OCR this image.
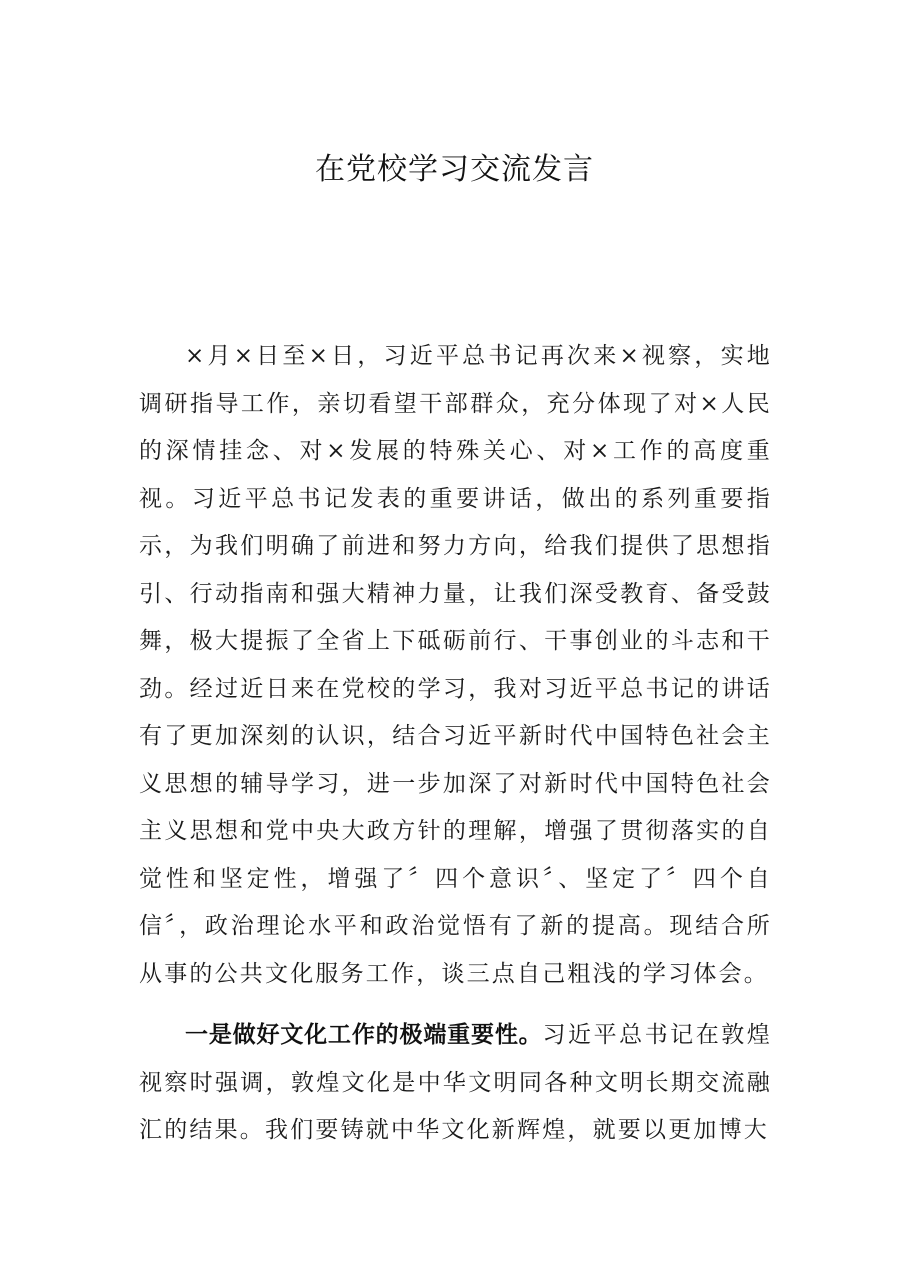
在党校学习交流发言

×月×日至×日，习近平总书记再次来×视察，实地调研指导工作，亲切看望干部群众，充分体现了对×人民的深情挂念、对×发展的特殊关心、对×工作的高度重视。习近平总书记发表的重要讲话，做出的系列重要指示，为我们明确了前进和努力方向，给我们提供了思想指引、行动指南和强大精神力量，让我们深受教育、备受鼓舞，极大提振了全省上下砥砺前行、干事创业的斗志和干劲。经过近日来在党校的学习，我对习近平总书记的讲话有了更加深刻的认识，结合习近平新时代中国特色社会主义思想的辅导学习，进一步加深了对新时代中国特色社会主义思想和党中央大政方针的理解，增强了贯彻落实的自觉性和坚定性，增强了〞四个意识〞、坚定了〞四个自信〞，政治理论水平和政治觉悟有了新的提高。现结合所从事的公共文化服务工作，谈三点自己粗浅的学习体会。

一是做好文化工作的极端重要性。习近平总书记在敦煌视察时强调，敦煌文化是中华文明同各种文明长期交流融汇的结果。我们要铸就中华文化新辉煌，就要以更加博大
